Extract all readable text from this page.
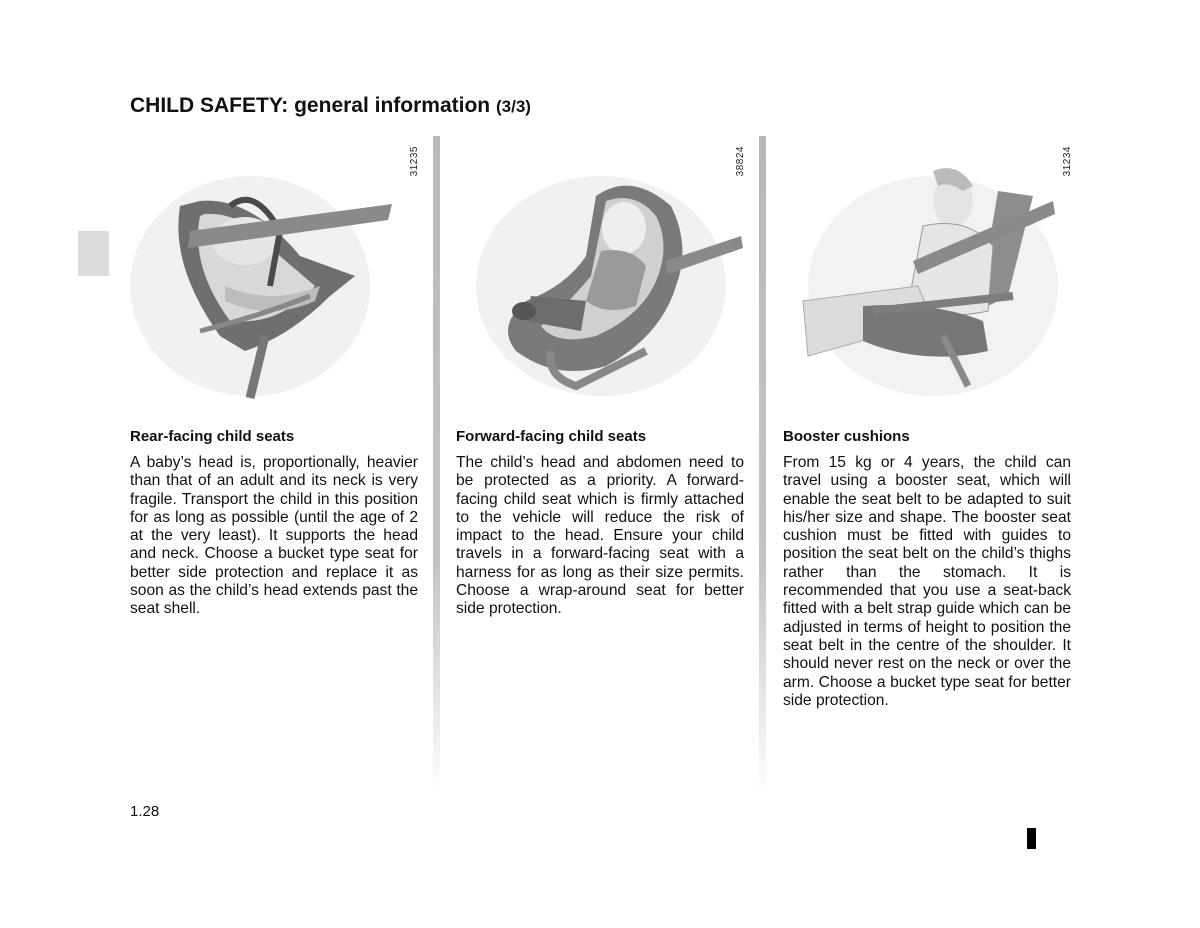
CHILD SAFETY: general information (3/3)
31235
Rear-facing child seats
A baby’s head is, proportionally, heavier than that of an adult and its neck is very fragile. Transport the child in this position for as long as possible (until the age of 2 at the very least). It supports the head and neck. Choose a bucket type seat for better side protection and replace it as soon as the child’s head extends past the seat shell.
38824
Forward-facing child seats
The child’s head and abdomen need to be protected as a priority. A forward-facing child seat which is firmly attached to the vehicle will reduce the risk of impact to the head. Ensure your child travels in a forward-facing seat with a harness for as long as their size permits. Choose a wrap-around seat for better side protection.
31234
Booster cushions
From 15 kg or 4 years, the child can travel using a booster seat, which will enable the seat belt to be adapted to suit his/her size and shape. The booster seat cushion must be fitted with guides to position the seat belt on the child’s thighs rather than the stomach. It is recommended that you use a seat-back fitted with a belt strap guide which can be adjusted in terms of height to position the seat belt in the centre of the shoulder. It should never rest on the neck or over the arm. Choose a bucket type seat for better side protection.
1.28
